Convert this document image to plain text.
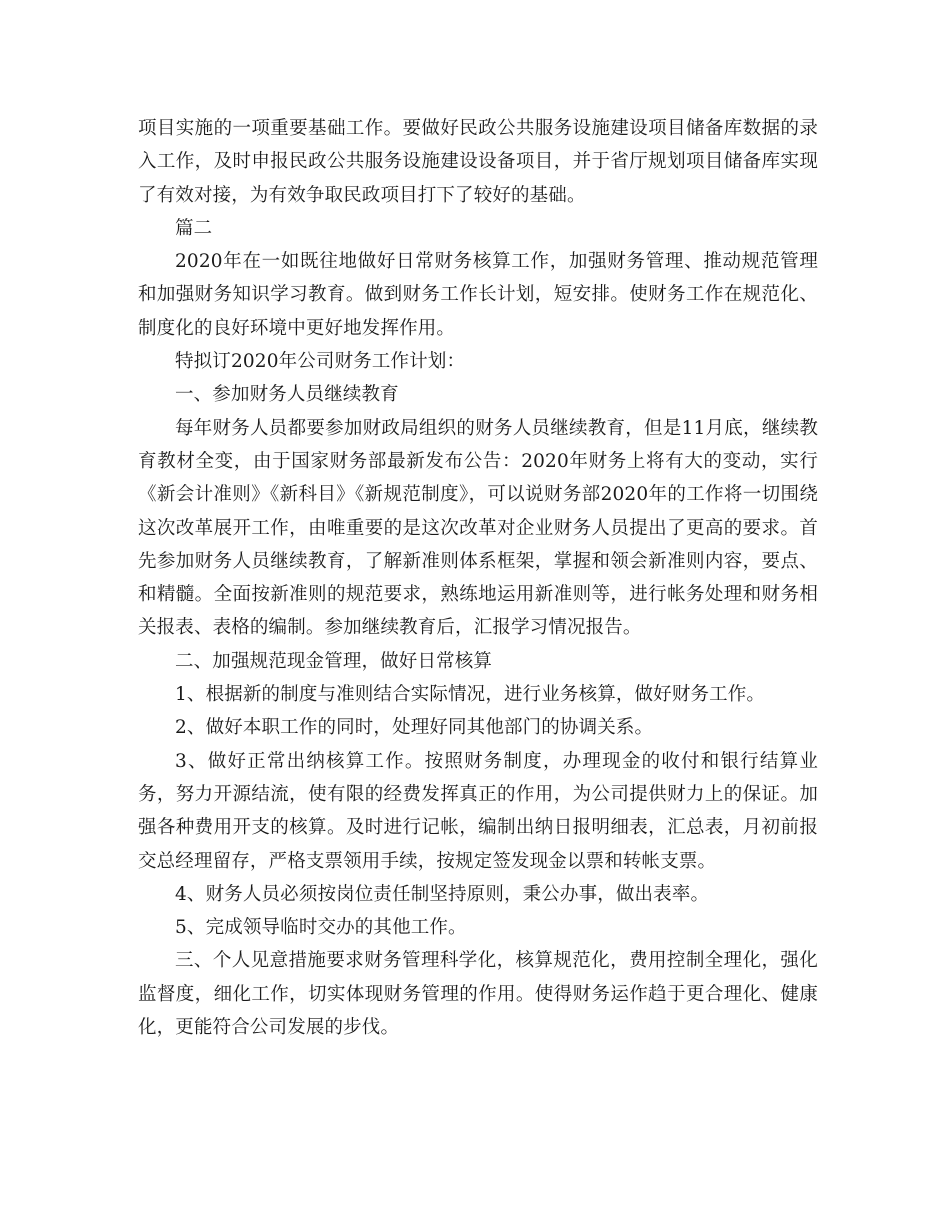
项目实施的一项重要基础工作。要做好民政公共服务设施建设项目储备库数据的录入工作，及时申报民政公共服务设施建设设备项目，并于省厅规划项目储备库实现了有效对接，为有效争取民政项目打下了较好的基础。

篇二

2020年在一如既往地做好日常财务核算工作，加强财务管理、推动规范管理和加强财务知识学习教育。做到财务工作长计划，短安排。使财务工作在规范化、制度化的良好环境中更好地发挥作用。

特拟订2020年公司财务工作计划：

一、参加财务人员继续教育

每年财务人员都要参加财政局组织的财务人员继续教育，但是11月底，继续教育教材全变，由于国家财务部最新发布公告：2020年财务上将有大的变动，实行《新会计准则》《新科目》《新规范制度》，可以说财务部2020年的工作将一切围绕这次改革展开工作，由唯重要的是这次改革对企业财务人员提出了更高的要求。首先参加财务人员继续教育，了解新准则体系框架，掌握和领会新准则内容，要点、和精髓。全面按新准则的规范要求，熟练地运用新准则等，进行帐务处理和财务相关报表、表格的编制。参加继续教育后，汇报学习情况报告。

二、加强规范现金管理，做好日常核算

1、根据新的制度与准则结合实际情况，进行业务核算，做好财务工作。

2、做好本职工作的同时，处理好同其他部门的协调关系。

3、做好正常出纳核算工作。按照财务制度，办理现金的收付和银行结算业务，努力开源结流，使有限的经费发挥真正的作用，为公司提供财力上的保证。加强各种费用开支的核算。及时进行记帐，编制出纳日报明细表，汇总表，月初前报交总经理留存，严格支票领用手续，按规定签发现金以票和转帐支票。

4、财务人员必须按岗位责任制坚持原则，秉公办事，做出表率。

5、完成领导临时交办的其他工作。

三、个人见意措施要求财务管理科学化，核算规范化，费用控制全理化，强化监督度，细化工作，切实体现财务管理的作用。使得财务运作趋于更合理化、健康化，更能符合公司发展的步伐。
